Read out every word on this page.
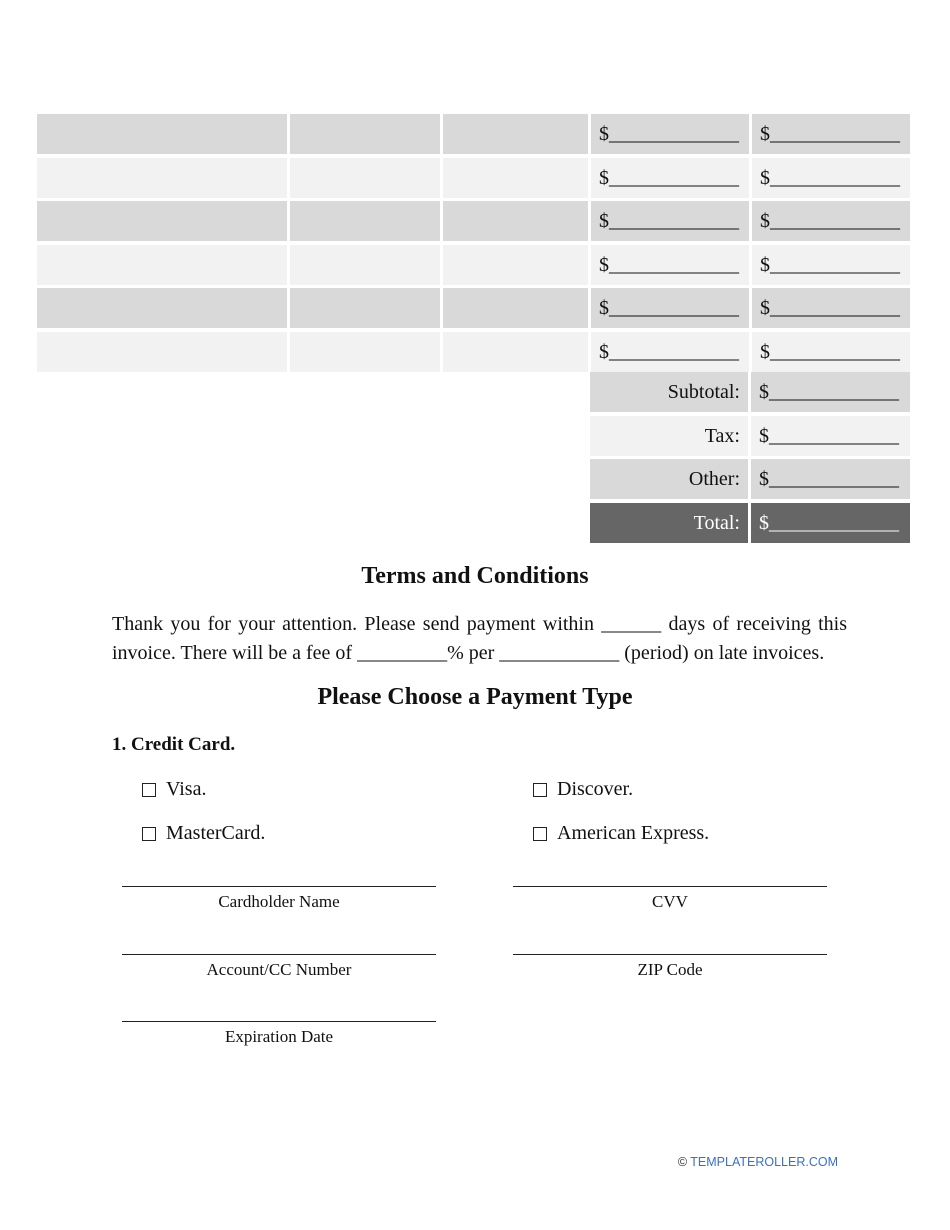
$_____________	$_____________
$_____________	$_____________
$_____________	$_____________
$_____________	$_____________
$_____________	$_____________
$_____________	$_____________
Subtotal: $_____________
Tax: $_____________
Other: $_____________
Total: $_____________
Terms and Conditions
Thank you for your attention. Please send payment within ______ days of receiving this invoice. There will be a fee of _________% per ____________ (period) on late invoices.
Please Choose a Payment Type
1. Credit Card.
Visa.	Discover.
MasterCard.	American Express.
Cardholder Name	CVV
Account/CC Number	ZIP Code
Expiration Date
© TEMPLATEROLLER.COM
